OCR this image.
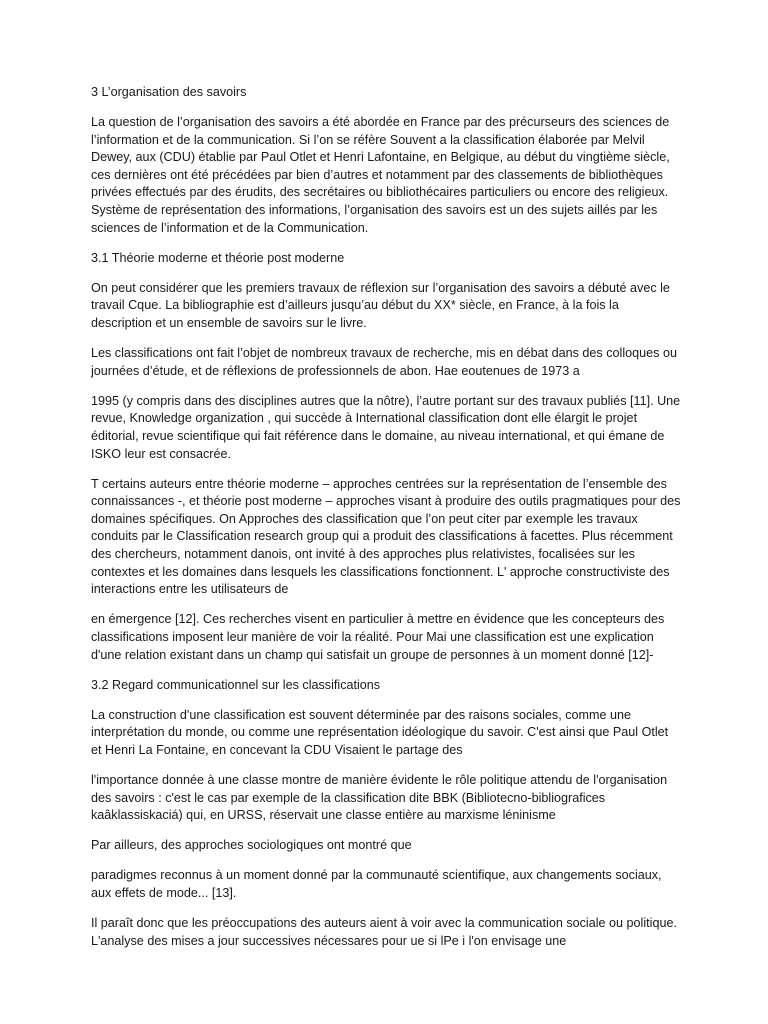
3 L’organisation des savoirs

La question de l’organisation des savoirs a été abordée en France par des précurseurs des sciences de l’information et de la communication. Si l’on se réfère Souvent a la classification élaborée par Melvil Dewey, aux (CDU) établie par Paul Otlet et Henri Lafontaine, en Belgique, au début du vingtième siècle, ces dernières ont été précédées par bien d’autres et notamment par des classements de bibliothèques privées effectués par des érudits, des secrétaires ou bibliothécaires particuliers ou encore des religieux. Système de représentation des informations, l’organisation des savoirs est un des sujets aillés par les sciences de l’information et de la Communication.

3.1 Théorie moderne et théorie post moderne

On peut considérer que les premiers travaux de réflexion sur l’organisation des savoirs a débuté avec le travail Cque. La bibliographie est d’ailleurs jusqu’au début du XX* siècle, en France, à la fois la description et un ensemble de savoirs sur le livre.

Les classifications ont fait l’objet de nombreux travaux de recherche, mis en débat dans des colloques ou journées d’étude, et de réflexions de professionnels de abon. Hae eoutenues de 1973 a

1995 (y compris dans des disciplines autres que la nôtre), l’autre portant sur des travaux publiés [11]. Une revue, Knowledge organization , qui succède à International classification dont elle élargit le projet éditorial, revue scientifique qui fait référence dans le domaine, au niveau international, et qui émane de ISKO leur est consacrée.

T certains auteurs entre théorie moderne – approches centrées sur la représentation de l’ensemble des connaissances -, et théorie post moderne – approches visant à produire des outils pragmatiques pour des domaines spécifiques. On Approches des classification que l’on peut citer par exemple les travaux conduits par le Classification research group qui a produit des classifications à facettes. Plus récemment des chercheurs, notamment danois, ont invité à des approches plus relativistes, focalisées sur les contextes et les domaines dans lesquels les classifications fonctionnent. L' approche constructiviste des interactions entre les utilisateurs de

en émergence [12]. Ces recherches visent en particulier à mettre en évidence que les concepteurs des classifications imposent leur manière de voir la réalité. Pour Mai une classification est une explication d'une relation existant dans un champ qui satisfait un groupe de personnes à un moment donné [12]-

3.2 Regard communicationnel sur les classifications

La construction d'une classification est souvent déterminée par des raisons sociales, comme une interprétation du monde, ou comme une représentation idéologique du savoir. C'est ainsi que Paul Otlet et Henri La Fontaine, en concevant la CDU Visaient le partage des

l'importance donnée à une classe montre de manière évidente le rôle politique attendu de l'organisation des savoirs : c'est le cas par exemple de la classification dite BBK (Bibliotecno-bibliografices kaâklassiskaciá) qui, en URSS, réservait une classe entière au marxisme léninisme

Par ailleurs, des approches sociologiques ont montré que

paradigmes reconnus à un moment donné par la communauté scientifique, aux changements sociaux, aux effets de mode... [13].

Il paraît donc que les préoccupations des auteurs aient à voir avec la communication sociale ou politique. L'analyse des mises a jour successives nécessares pour ue si lPe i l'on envisage une
